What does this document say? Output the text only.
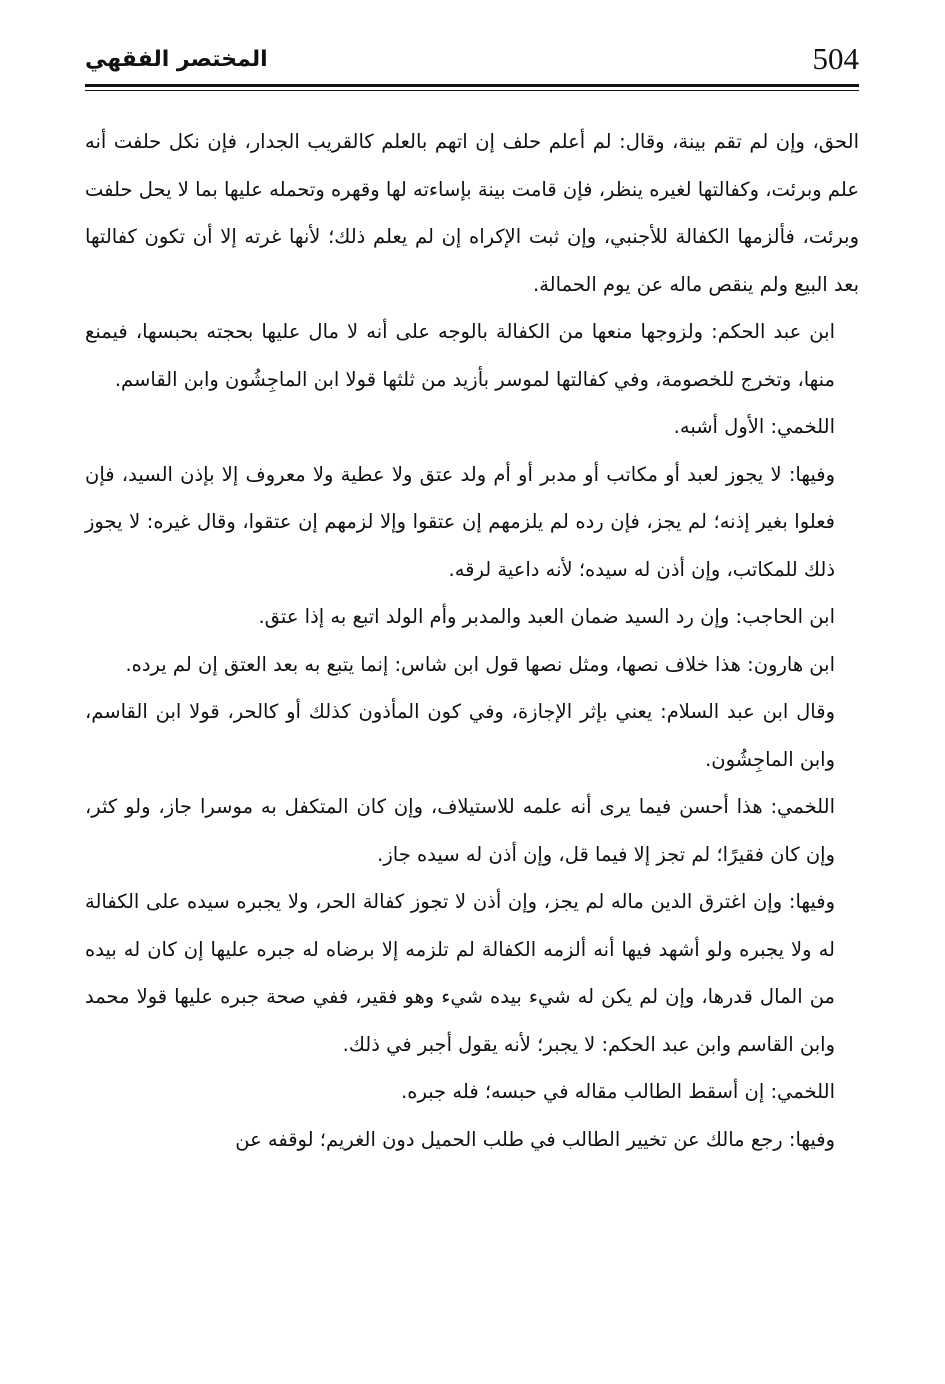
504
المختصر الفقهي

الحق، وإن لم تقم بينة، وقال: لم أعلم حلف إن اتهم بالعلم كالقريب الجدار، فإن نكل حلفت أنه علم وبرئت، وكفالتها لغيره ينظر، فإن قامت بينة بإساءته لها وقهره وتحمله عليها بما لا يحل حلفت وبرئت، فألزمها الكفالة للأجنبي، وإن ثبت الإكراه إن لم يعلم ذلك؛ لأنها غرته إلا أن تكون كفالتها بعد البيع ولم ينقص ماله عن يوم الحمالة.

ابن عبد الحكم: ولزوجها منعها من الكفالة بالوجه على أنه لا مال عليها بحجته بحبسها، فيمنع منها، وتخرج للخصومة، وفي كفالتها لموسر بأزيد من ثلثها قولا ابن الماجِشُون وابن القاسم.

اللخمي: الأول أشبه.

وفيها: لا يجوز لعبد أو مكاتب أو مدبر أو أم ولد عتق ولا عطية ولا معروف إلا بإذن السيد، فإن فعلوا بغير إذنه؛ لم يجز، فإن رده لم يلزمهم إن عتقوا وإلا لزمهم إن عتقوا، وقال غيره: لا يجوز ذلك للمكاتب، وإن أذن له سيده؛ لأنه داعية لرقه.

ابن الحاجب: وإن رد السيد ضمان العبد والمدبر وأم الولد اتبع به إذا عتق.

ابن هارون: هذا خلاف نصها، ومثل نصها قول ابن شاس: إنما يتبع به بعد العتق إن لم يرده.

وقال ابن عبد السلام: يعني بإثر الإجازة، وفي كون المأذون كذلك أو كالحر، قولا ابن القاسم، وابن الماجِشُون.

اللخمي: هذا أحسن فيما يرى أنه علمه للاستيلاف، وإن كان المتكفل به موسرا جاز، ولو كثر، وإن كان فقيرًا؛ لم تجز إلا فيما قل، وإن أذن له سيده جاز.

وفيها: وإن اغترق الدين ماله لم يجز، وإن أذن لا تجوز كفالة الحر، ولا يجبره سيده على الكفالة له ولا يجبره ولو أشهد فيها أنه ألزمه الكفالة لم تلزمه إلا برضاه له جبره عليها إن كان له بيده من المال قدرها، وإن لم يكن له شيء بيده شيء وهو فقير، ففي صحة جبره عليها قولا محمد وابن القاسم وابن عبد الحكم: لا يجبر؛ لأنه يقول أجبر في ذلك.

اللخمي: إن أسقط الطالب مقاله في حبسه؛ فله جبره.

وفيها: رجع مالك عن تخيير الطالب في طلب الحميل دون الغريم؛ لوقفه عن
